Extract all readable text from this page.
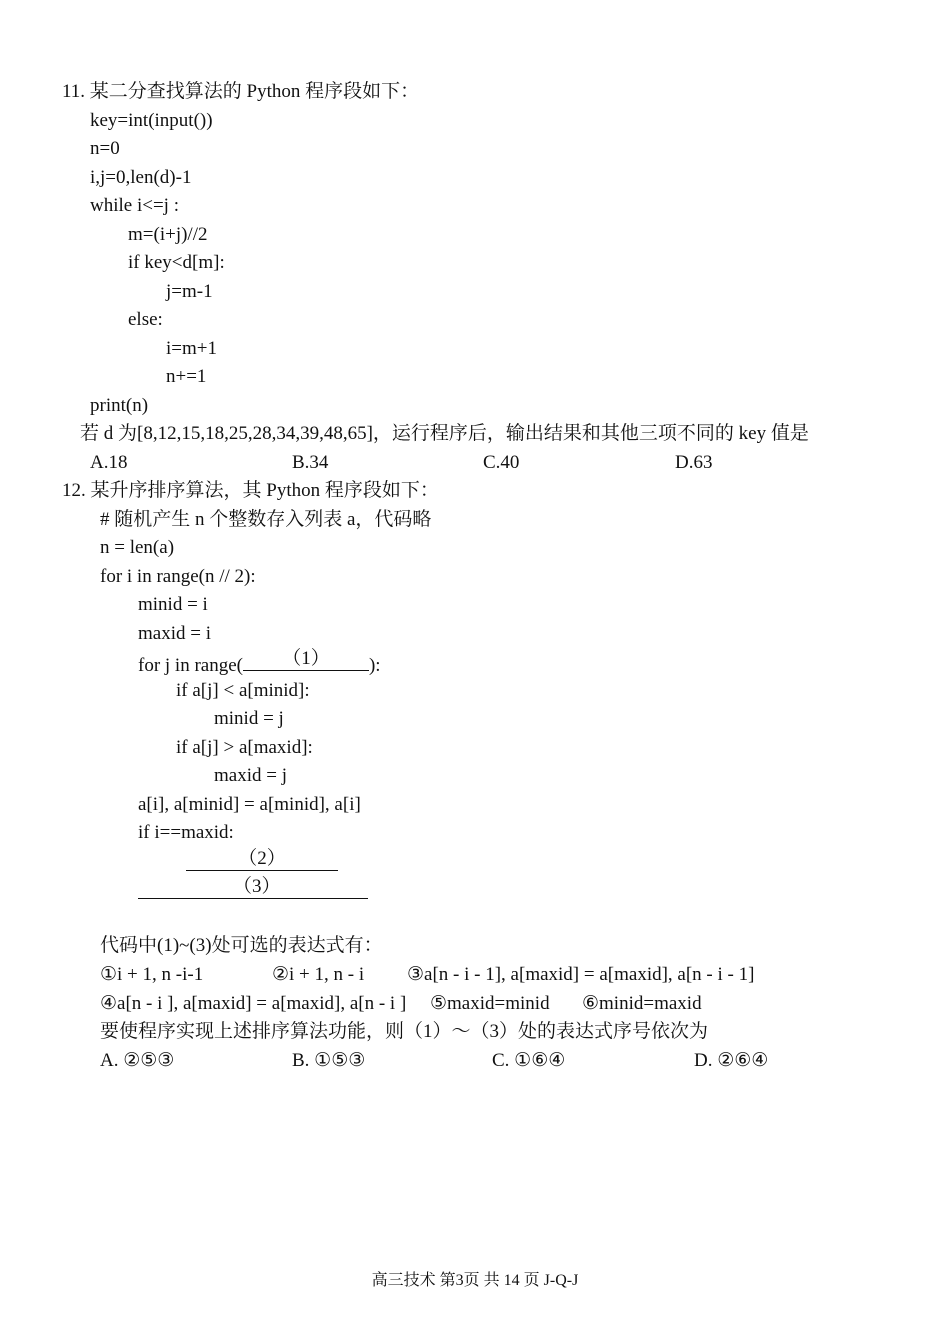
11. 某二分查找算法的 Python 程序段如下：
key=int(input())
n=0
i,j=0,len(d)-1
while i<=j :
m=(i+j)//2
if key<d[m]:
j=m-1
else:
i=m+1
n+=1
print(n)
若 d 为[8,12,15,18,25,28,34,39,48,65]，运行程序后，输出结果和其他三项不同的 key 值是
A.18	B.34	C.40	D.63
12. 某升序排序算法，其 Python 程序段如下：
# 随机产生 n 个整数存入列表 a，代码略
n = len(a)
for i in range(n // 2):
minid = i
maxid = i
for j in range(	（1）	):
if a[j] < a[minid]:
minid = j
if a[j] > a[maxid]:
maxid = j
a[i], a[minid] = a[minid], a[i]
if i==maxid:
（2）
（3）
代码中(1)~(3)处可选的表达式有：
①i + 1, n -i-1	②i + 1, n - i ③a[n - i - 1], a[maxid] = a[maxid], a[n - i - 1]
④a[n - i ], a[maxid] = a[maxid], a[n - i ] ⑤maxid=minid ⑥minid=maxid
要使程序实现上述排序算法功能，则（1）～（3）处的表达式序号依次为
A. ②⑤③	B. ①⑤③	C. ①⑥④	D. ②⑥④
高三技术 第3页 共 14 页 J-Q-J
